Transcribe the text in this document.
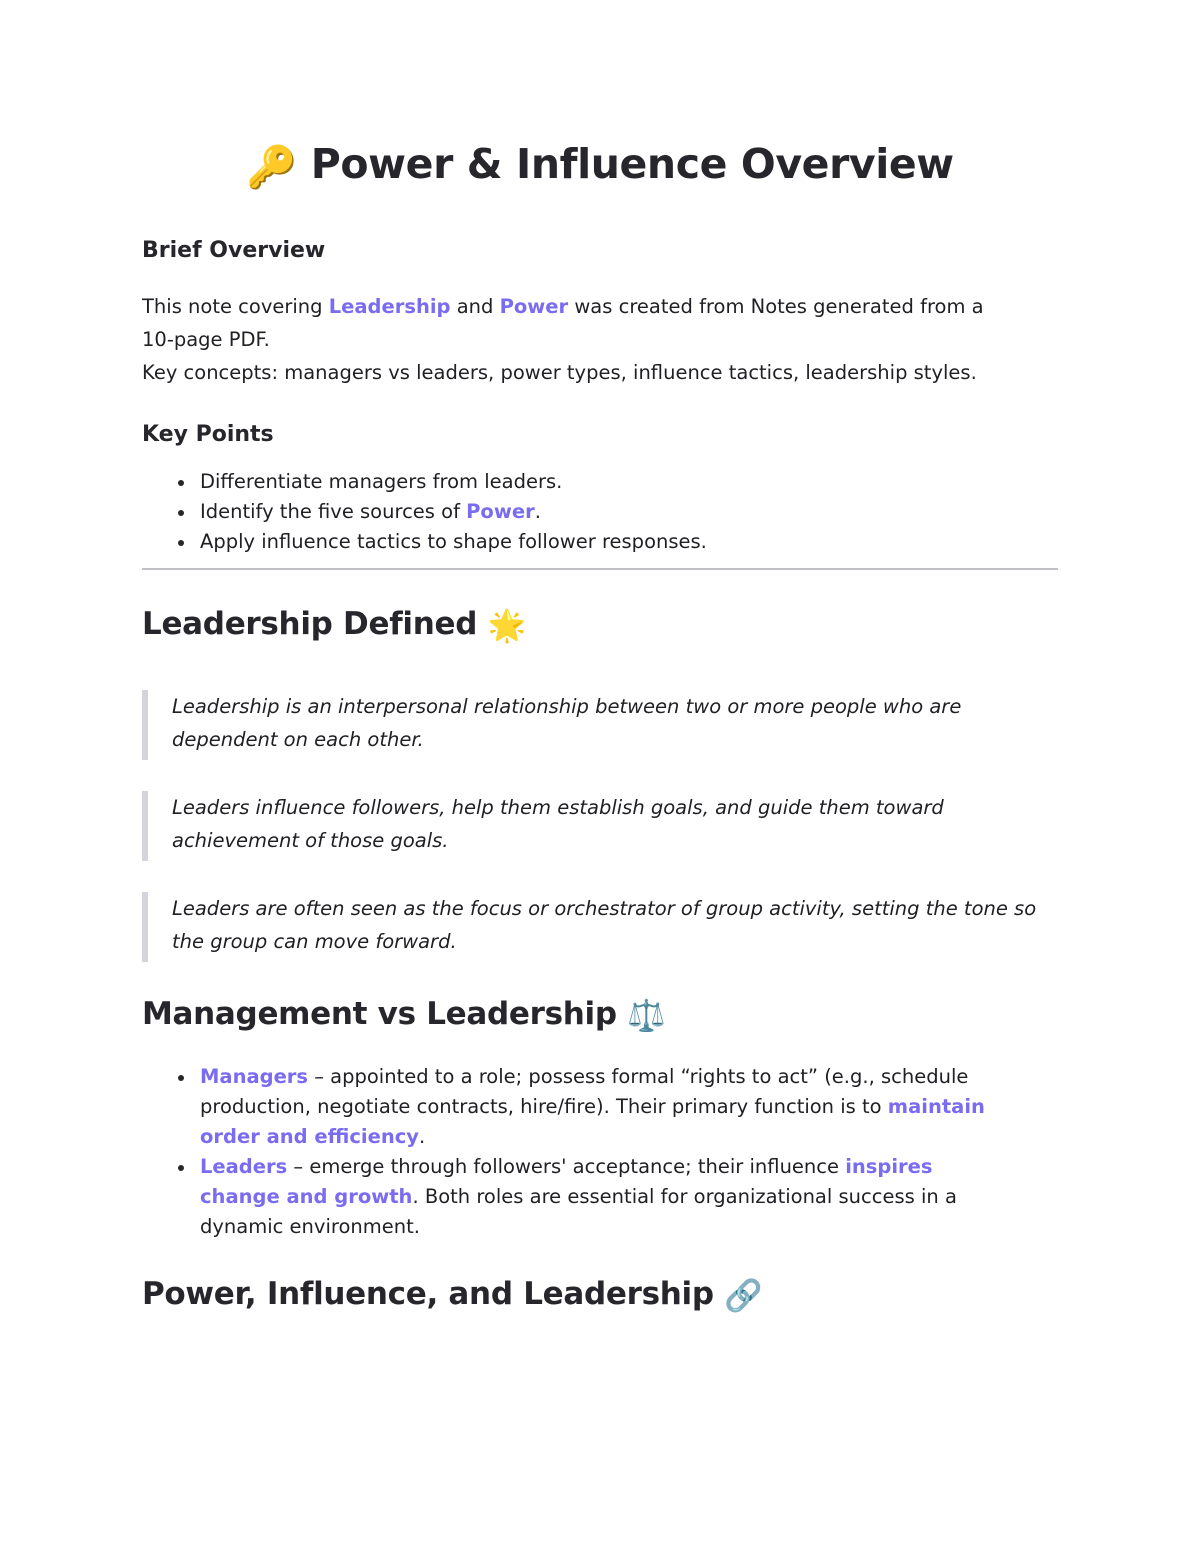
🔑 Power & Influence Overview
Brief Overview

This note covering Leadership and Power was created from Notes generated from a
10-page PDF.
Key concepts: managers vs leaders, power types, influence tactics, leadership styles.

Key Points
Differentiate managers from leaders.
Identify the five sources of Power.
Apply influence tactics to shape follower responses.
Leadership Defined 🌟
Leadership is an interpersonal relationship between two or more people who are dependent on each other.
Leaders influence followers, help them establish goals, and guide them toward achievement of those goals.
Leaders are often seen as the focus or orchestrator of group activity, setting the tone so the group can move forward.
Management vs Leadership ⚖️
Managers – appointed to a role; possess formal “rights to act” (e.g., schedule production, negotiate contracts, hire/fire). Their primary function is to maintain order and efficiency.
Leaders – emerge through followers' acceptance; their influence inspires change and growth. Both roles are essential for organizational success in a dynamic environment.
Power, Influence, and Leadership 🔗
